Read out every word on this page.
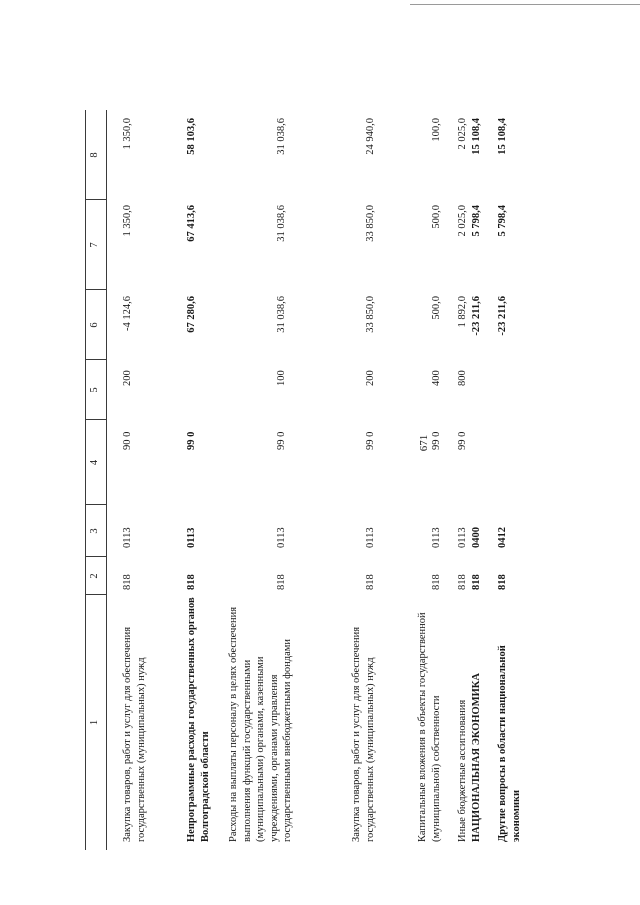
671
1
2
3
4
5
6
7
8
Закупка товаров, работ и услуг для обеспечения государственных (муниципальных) нужд
818
0113
90 0
200
-4 124,6
1 350,0
1 350,0
Непрограммные расходы государственных органов Волгоградской области
818
0113
99 0
67 280,6
67 413,6
58 103,6
Расходы на выплаты персоналу в целях обеспечения выполнения функций государственными (муниципальными) органами, казенными учреждениями, органами управления государственными внебюджетными фондами
818
0113
99 0
100
31 038,6
31 038,6
31 038,6
Закупка товаров, работ и услуг для обеспечения государственных (муниципальных) нужд
818
0113
99 0
200
33 850,0
33 850,0
24 940,0
Капитальные вложения в объекты государственной (муниципальной) собственности
818
0113
99 0
400
500,0
500,0
100,0
Иные бюджетные ассигнования
818
0113
99 0
800
1 892,0
2 025,0
2 025,0
НАЦИОНАЛЬНАЯ ЭКОНОМИКА
818
0400
-23 211,6
5 798,4
15 108,4
Другие вопросы в области национальной экономики
818
0412
-23 211,6
5 798,4
15 108,4
